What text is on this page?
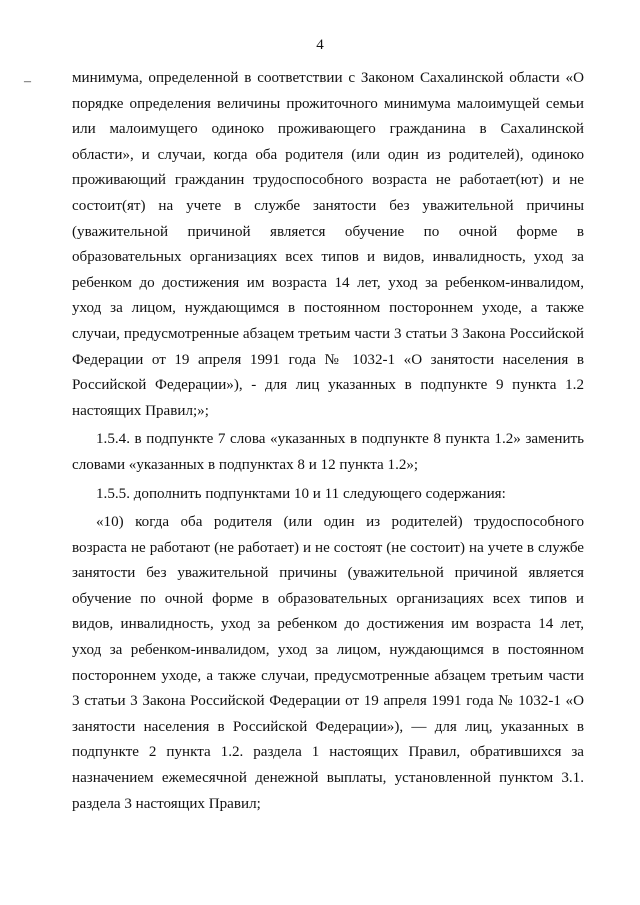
4
–	минимума, определенной в соответствии с Законом Сахалинской области «О
порядке определения величины прожиточного минимума малоимущей семьи
или малоимущего одиноко проживающего гражданина в Сахалинской
области», и случаи, когда оба родителя (или один из родителей), одиноко
проживающий гражданин трудоспособного возраста не работает(ют) и не
состоит(ят) на учете в службе занятости без уважительной причины
(уважительной причиной является обучение по очной форме в
образовательных организациях всех типов и видов, инвалидность, уход за
ребенком до достижения им возраста 14 лет, уход за ребенком-инвалидом,
уход за лицом, нуждающимся в постоянном постороннем уходе, а также
случаи, предусмотренные абзацем третьим части 3 статьи 3 Закона Российской
Федерации от 19 апреля 1991 года № 1032-1 «О занятости населения в
Российской Федерации»), - для лиц указанных в подпункте 9 пункта 1.2
настоящих Правил;»;
1.5.4. в подпункте 7 слова «указанных в подпункте 8 пункта 1.2» заменить
словами «указанных в подпунктах 8 и 12 пункта 1.2»;
1.5.5. дополнить подпунктами 10 и 11 следующего содержания:
«10) когда оба родителя (или один из родителей) трудоспособного
возраста не работают (не работает) и не состоят (не состоит) на учете в службе
занятости без уважительной причины (уважительной причиной является
обучение по очной форме в образовательных организациях всех типов и
видов, инвалидность, уход за ребенком до достижения им возраста 14 лет,
уход за ребенком-инвалидом, уход за лицом, нуждающимся в постоянном
постороннем уходе, а также случаи, предусмотренные абзацем третьим части
3 статьи 3 Закона Российской Федерации от 19 апреля 1991 года № 1032-1 «О
занятости населения в Российской Федерации»), — для лиц, указанных в
подпункте 2 пункта 1.2. раздела 1 настоящих Правил, обратившихся за
назначением ежемесячной денежной выплаты, установленной пунктом 3.1.
раздела 3 настоящих Правил;
